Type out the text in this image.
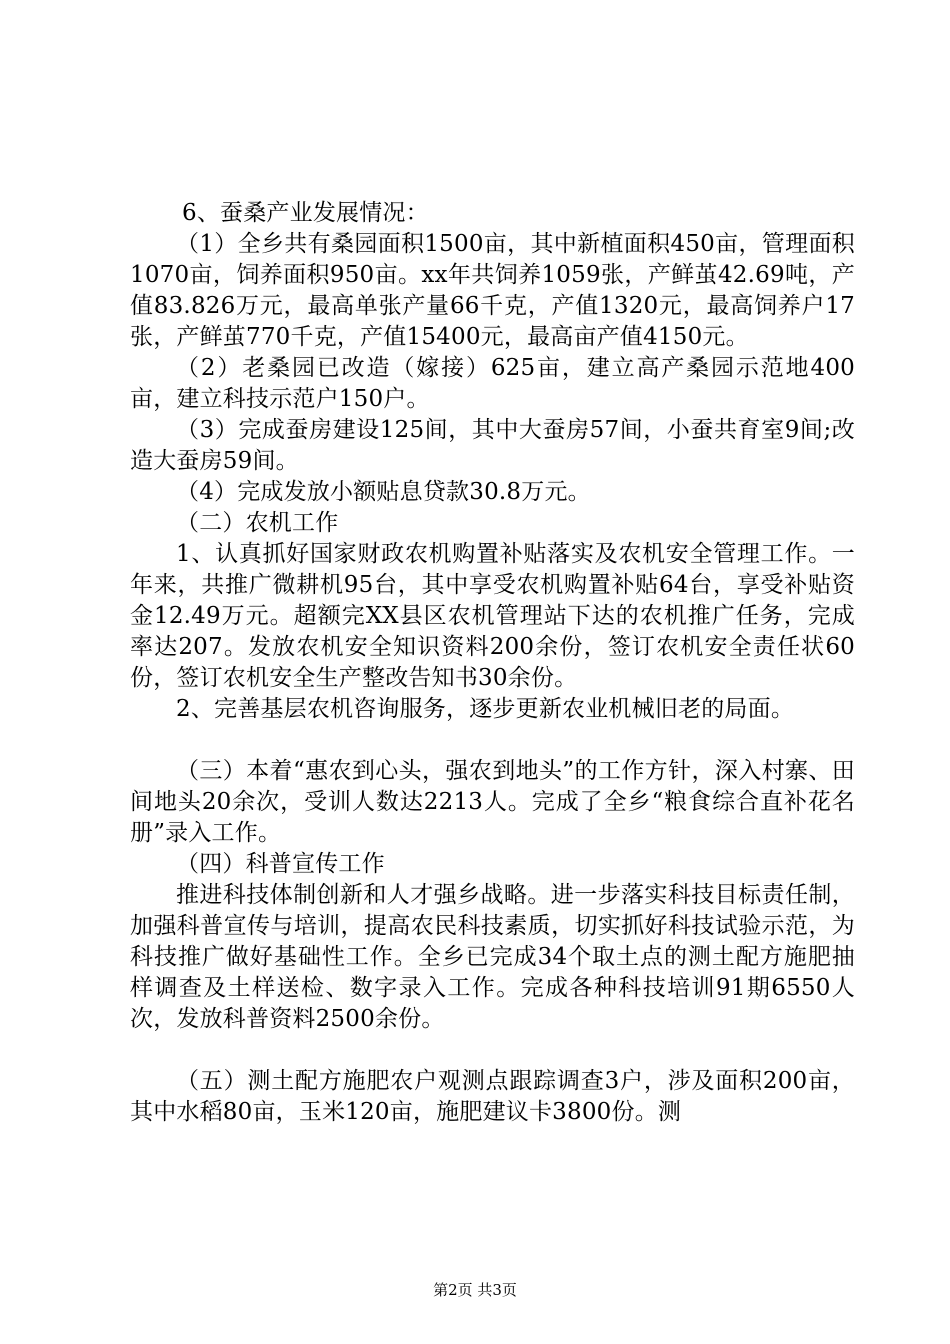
6、蚕桑产业发展情况：

（1）全乡共有桑园面积1500亩，其中新植面积450亩，管理面积1070亩，饲养面积950亩。xx年共饲养1059张，产鲜茧42.69吨，产值83.826万元，最高单张产量66千克，产值1320元，最高饲养户17张，产鲜茧770千克，产值15400元，最高亩产值4150元。

（2）老桑园已改造（嫁接）625亩，建立高产桑园示范地400亩，建立科技示范户150户。

（3）完成蚕房建设125间，其中大蚕房57间，小蚕共育室9间;改造大蚕房59间。

（4）完成发放小额贴息贷款30.8万元。

（二）农机工作

1、认真抓好国家财政农机购置补贴落实及农机安全管理工作。一年来，共推广微耕机95台，其中享受农机购置补贴64台，享受补贴资金12.49万元。超额完XX县区农机管理站下达的农机推广任务，完成率达207。发放农机安全知识资料200余份，签订农机安全责任状60份，签订农机安全生产整改告知书30余份。

2、完善基层农机咨询服务，逐步更新农业机械旧老的局面。

（三）本着“惠农到心头，强农到地头”的工作方针，深入村寨、田间地头20余次，受训人数达2213人。完成了全乡“粮食综合直补花名册”录入工作。

（四）科普宣传工作

推进科技体制创新和人才强乡战略。进一步落实科技目标责任制，加强科普宣传与培训，提高农民科技素质，切实抓好科技试验示范，为科技推广做好基础性工作。全乡已完成34个取土点的测土配方施肥抽样调查及土样送检、数字录入工作。完成各种科技培训91期6550人次，发放科普资料2500余份。

（五）测土配方施肥农户观测点跟踪调查3户，涉及面积200亩，其中水稻80亩，玉米120亩，施肥建议卡3800份。测

第2页 共3页
